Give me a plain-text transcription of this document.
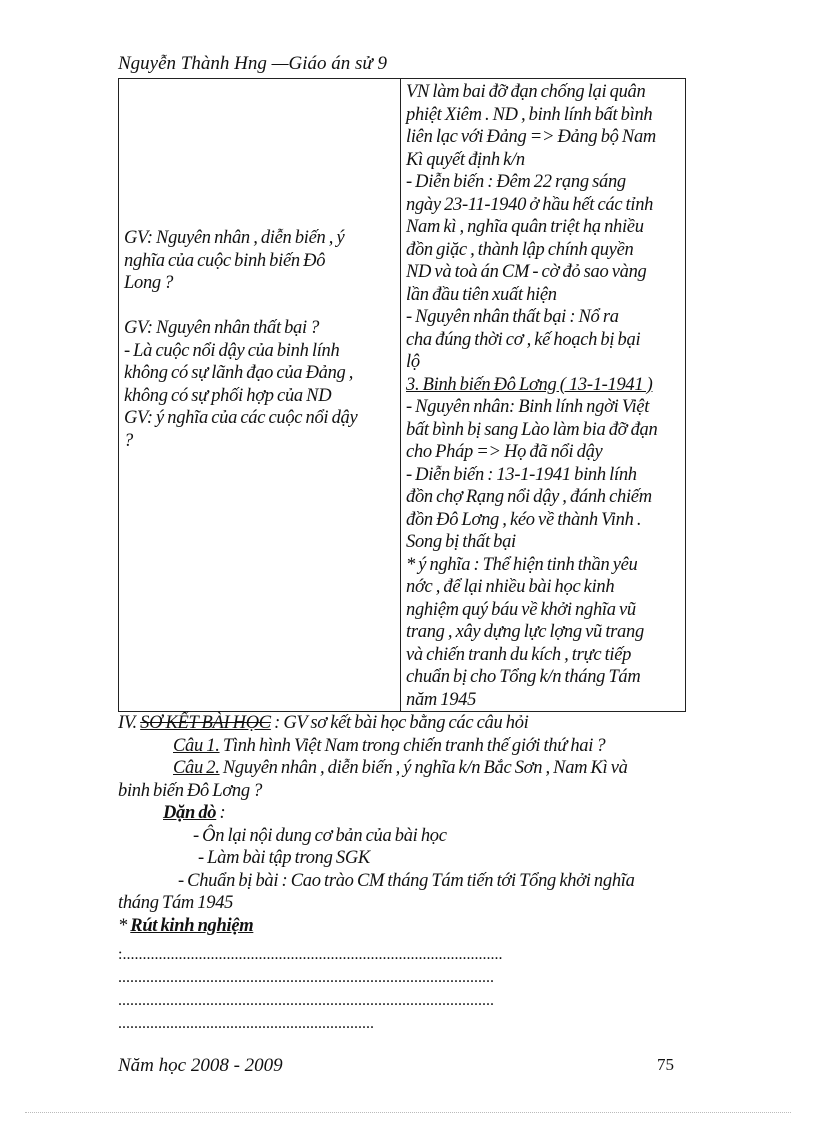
Nguyễn Thành Hng —Giáo án sử 9
GV: Nguyên nhân , diễn biến , ý
nghĩa của cuộc binh biến Đô
Long ?
GV: Nguyên nhân thất bại ?
- Là cuộc nổi dậy của binh lính
không có sự lãnh đạo của Đảng ,
không có sự phối hợp của ND
GV: ý nghĩa của các cuộc nổi dậy
?
VN làm bai đỡ đạn chống lại quân
phiệt Xiêm . ND , binh lính bất bình
liên lạc với Đảng => Đảng bộ Nam
Kì quyết định k/n
- Diễn biến : Đêm 22 rạng sáng
ngày 23-11-1940 ở hầu hết các tỉnh
Nam kì , nghĩa quân triệt hạ nhiều
đồn giặc , thành lập chính quyền
ND và toà án CM - cờ đỏ sao vàng
lần đầu tiên xuất hiện
- Nguyên nhân thất bại : Nổ ra
cha đúng thời cơ , kế hoạch bị bại
lộ
3. Binh biến Đô Lơng ( 13-1-1941 )
- Nguyên nhân: Binh lính ngời Việt
bất bình bị sang Lào làm bia đỡ đạn
cho Pháp => Họ đã nổi dậy
- Diễn biến : 13-1-1941 binh lính
đồn chợ Rạng nổi dậy , đánh chiếm
đồn Đô Lơng , kéo về thành Vinh .
Song bị thất bại
* ý nghĩa : Thể hiện tinh thần yêu
nớc , để lại nhiều bài học kinh
nghiệm quý báu về khởi nghĩa vũ
trang , xây dựng lực lợng vũ trang
và chiến tranh du kích , trực tiếp
chuẩn bị cho Tổng k/n tháng Tám
năm 1945
IV. SƠ KẾT BÀI HỌC : GV sơ kết bài học bằng các câu hỏi
Câu 1. Tình hình Việt Nam trong chiến tranh thế giới thứ hai ?
Câu 2. Nguyên nhân , diễn biến , ý nghĩa k/n Bắc Sơn , Nam Kì và
binh biến Đô Lơng ?
Dặn dò :
- Ôn lại nội dung cơ bản của bài học
- Làm bài tập trong SGK
- Chuẩn bị bài : Cao trào CM tháng Tám tiến tới Tổng khởi nghĩa
tháng Tám 1945
* Rút kinh nghiệm
:...............................................................................................
..............................................................................................
..............................................................................................
................................................................
Năm học 2008 - 2009	75
